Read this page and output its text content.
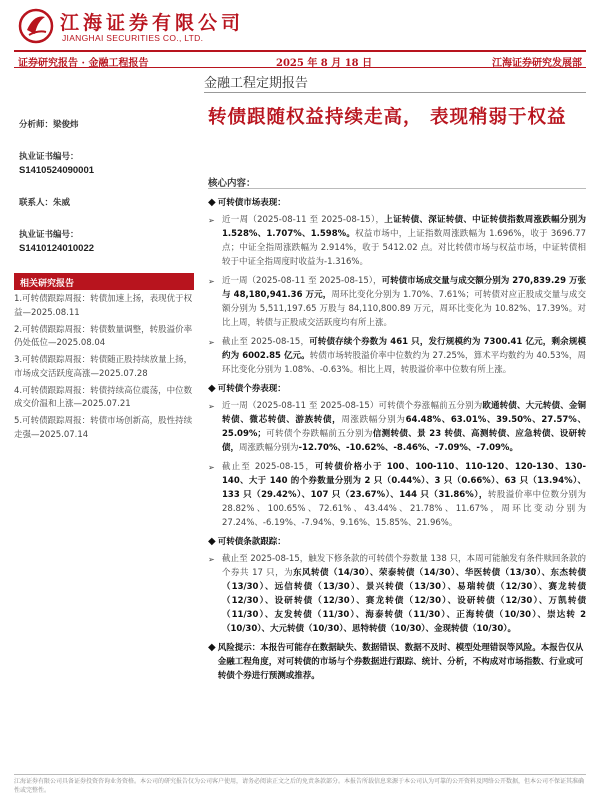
江海证券有限公司
JIANGHAI SECURITIES CO., LTD.
证券研究报告 · 金融工程报告	2025 年 8 月 18 日	江海证券研究发展部
金融工程定期报告
转债跟随权益持续走高， 表现稍弱于权益
分析师：梁俊炜
执业证书编号：
S1410524090001
联系人：朱威
执业证书编号：
S1410124010022
相关研究报告
1.可转债跟踪周报：转债加速上扬，表现优于权益—2025.08.11
2.可转债跟踪周报：转债数量调整，转股溢价率仍处低位—2025.08.04
3.可转债跟踪周报：转债随正股持续放量上扬，市场成交活跃度高涨—2025.07.28
4.可转债跟踪周报：转债持续高位震荡，中位数成交价温和上涨—2025.07.21
5.可转债跟踪周报：转债市场创新高，股性持续走强—2025.07.14
核心内容：
◆ 可转债市场表现：
➢ 近一周（2025-08-11 至 2025-08-15），上证转债、深证转债、中证转债指数周涨跌幅分别为 1.528%、1.707%、1.598%。权益市场中，上证指数周涨跌幅为 1.696%，收于 3696.77 点；中证全指周涨跌幅为 2.914%，收于 5412.02 点。对比转债市场与权益市场，中证转债相较于中证全指周度时收益为-1.316%。
➢ 近一周（2025-08-11 至 2025-08-15），可转债市场成交量与成交额分别为 270,839.29 万张与 48,180,941.36 万元，周环比变化分别为 1.70%、7.61%；可转债对应正股成交量与成交额分别为 5,511,197.65 万股与 84,110,800.89 万元，周环比变化为 10.82%、17.39%。对比上周，转债与正股成交活跃度均有所上涨。
➢ 截止至 2025-08-15，可转债存续个券数为 461 只，发行规模约为 7300.41 亿元，剩余规模约为 6002.85 亿元。转债市场转股溢价率中位数约为 27.25%，算术平均数约为 40.53%，周环比变化分别为 1.08%、-0.63%。相比上周，转股溢价率中位数有所上涨。
◆ 可转债个券表现：
➢ 近一周（2025-08-11 至 2025-08-15）可转债个券涨幅前五分别为欧通转债、大元转债、金铜转债、微芯转债、游族转债，周涨跌幅分别为64.48%、63.01%、39.50%、27.57%、25.09%；可转债个券跌幅前五分别为信测转债、景 23 转债、高测转债、应急转债、设研转债，周涨跌幅分别为-12.70%、-10.62%、-8.46%、-7.09%、-7.09%。
➢ 截止至 2025-08-15，可转债价格小于 100、100-110、110-120、120-130、130-140、大于 140 的个券数量分别为 2 只（0.44%）、3 只（0.66%）、63 只（13.94%）、133 只（29.42%）、107 只（23.67%）、144 只（31.86%），转股溢价率中位数分别为 28.82%、100.65%、72.61%、43.44%、21.78%、11.67%，周环比变动分别为 27.24%、-6.19%、-7.94%、9.16%、15.85%、21.96%。
◆ 可转债条款跟踪：
➢ 截止至 2025-08-15，触发下修条款的可转债个券数量 138 只，本周可能触发有条件赎回条款的个券共 17 只，为东风转债（14/30）、荣泰转债（14/30）、华医转债（13/30）、东杰转债（13/30）、远信转债（13/30）、景兴转债（13/30）、易瑞转债（12/30）、赛龙转债（12/30）、设研转债（12/30）、赛龙转债（12/30）、设研转债（12/30）、万凯转债（11/30）、友发转债（11/30）、海泰转债（11/30）、正海转债（10/30）、崇达转 2（10/30）、大元转债（10/30）、思特转债（10/30）、金现转债（10/30）。
◆ 风险提示：本报告可能存在数据缺失、数据错误、数据不及时、模型处理错误等风险。本报告仅从金融工程角度，对可转债的市场与个券数据进行跟踪、统计、分析，不构成对市场指数、行业或可转债个券进行预测或推荐。
江海证券有限公司具备证券投资咨询业务资格。本公司的研究报告仅为公司客户使用，请务必阅读正文之后的免责条款部分。本报告所载信息来源于本公司认为可靠的公开资料及网络公开数据，但本公司不保证其准确性或完整性。
